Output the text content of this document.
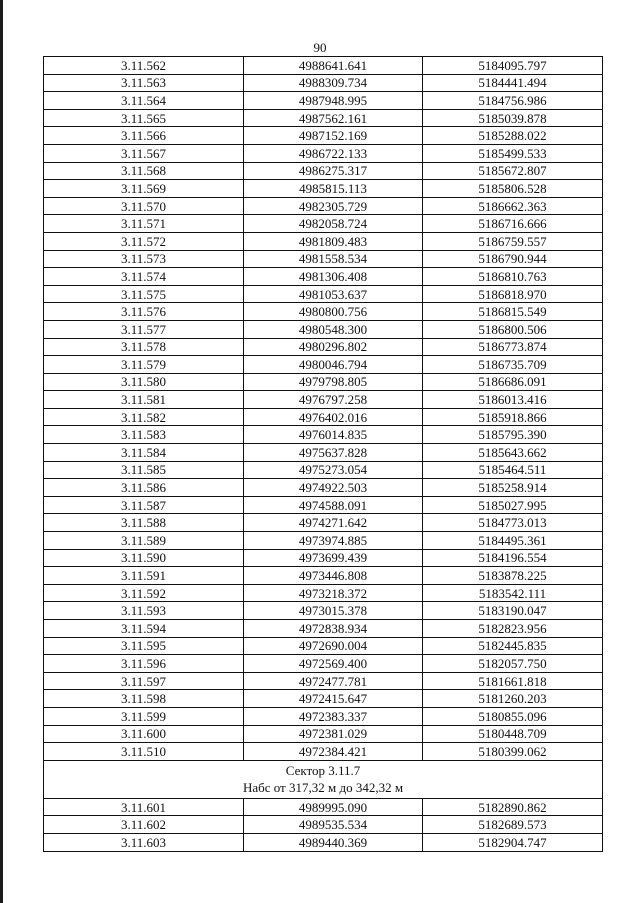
90
3.11.562	4988641.641	5184095.797
3.11.563	4988309.734	5184441.494
3.11.564	4987948.995	5184756.986
3.11.565	4987562.161	5185039.878
3.11.566	4987152.169	5185288.022
3.11.567	4986722.133	5185499.533
3.11.568	4986275.317	5185672.807
3.11.569	4985815.113	5185806.528
3.11.570	4982305.729	5186662.363
3.11.571	4982058.724	5186716.666
3.11.572	4981809.483	5186759.557
3.11.573	4981558.534	5186790.944
3.11.574	4981306.408	5186810.763
3.11.575	4981053.637	5186818.970
3.11.576	4980800.756	5186815.549
3.11.577	4980548.300	5186800.506
3.11.578	4980296.802	5186773.874
3.11.579	4980046.794	5186735.709
3.11.580	4979798.805	5186686.091
3.11.581	4976797.258	5186013.416
3.11.582	4976402.016	5185918.866
3.11.583	4976014.835	5185795.390
3.11.584	4975637.828	5185643.662
3.11.585	4975273.054	5185464.511
3.11.586	4974922.503	5185258.914
3.11.587	4974588.091	5185027.995
3.11.588	4974271.642	5184773.013
3.11.589	4973974.885	5184495.361
3.11.590	4973699.439	5184196.554
3.11.591	4973446.808	5183878.225
3.11.592	4973218.372	5183542.111
3.11.593	4973015.378	5183190.047
3.11.594	4972838.934	5182823.956
3.11.595	4972690.004	5182445.835
3.11.596	4972569.400	5182057.750
3.11.597	4972477.781	5181661.818
3.11.598	4972415.647	5181260.203
3.11.599	4972383.337	5180855.096
3.11.600	4972381.029	5180448.709
3.11.510	4972384.421	5180399.062

Сектор 3.11.7
Набс от 317,32 м до 342,32 м		

3.11.601	4989995.090	5182890.862
3.11.602	4989535.534	5182689.573
3.11.603	4989440.369	5182904.747
